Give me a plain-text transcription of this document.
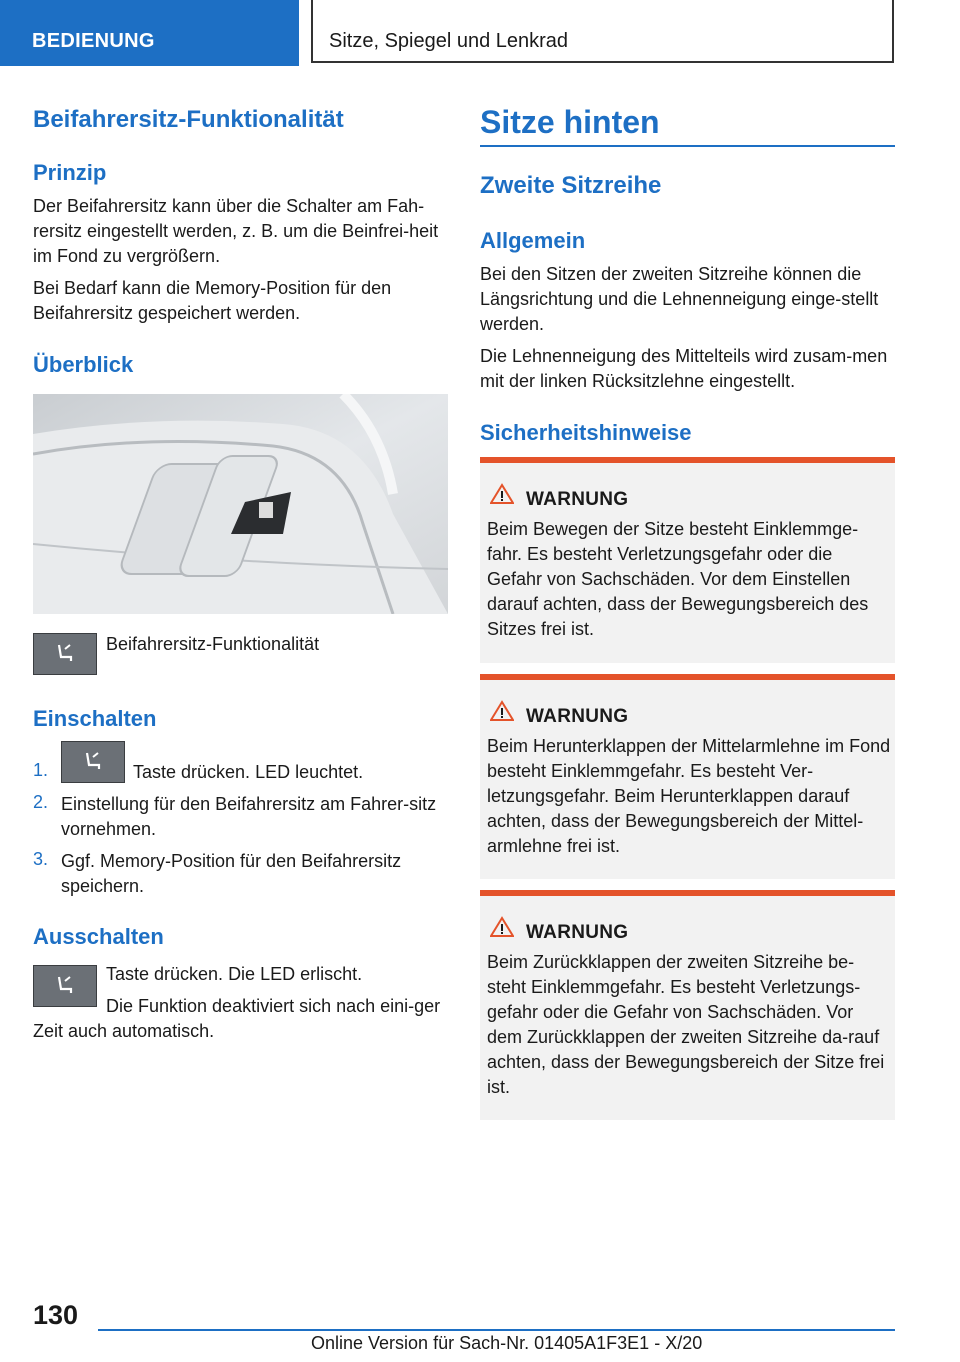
BEDIENUNG	Sitze, Spiegel und Lenkrad
Beifahrersitz-Funktionalität
Prinzip

Der Beifahrersitz kann über die Schalter am Fah-rersitz eingestellt werden, z. B. um die Beinfrei-heit im Fond zu vergrößern.

Bei Bedarf kann die Memory-Position für den Beifahrersitz gespeichert werden.

Überblick

Beifahrersitz-Funktionalität

Einschalten
1.	Taste drücken. LED leuchtet.
2. Einstellung für den Beifahrersitz am Fahrer-sitz vornehmen.
3. Ggf. Memory-Position für den Beifahrersitz speichern.
Ausschalten

Taste drücken. Die LED erlischt.

Die Funktion deaktiviert sich nach eini-ger Zeit auch automatisch.

Sitze hinten
Zweite Sitzreihe
Allgemein

Bei den Sitzen der zweiten Sitzreihe können die Längsrichtung und die Lehnenneigung einge-stellt werden.

Die Lehnenneigung des Mittelteils wird zusam-men mit der linken Rücksitzlehne eingestellt.

Sicherheitshinweise
WARNUNG
Beim Bewegen der Sitze besteht Einklemmge-fahr. Es besteht Verletzungsgefahr oder die Gefahr von Sachschäden. Vor dem Einstellen darauf achten, dass der Bewegungsbereich des Sitzes frei ist.
WARNUNG
Beim Herunterklappen der Mittelarmlehne im Fond besteht Einklemmgefahr. Es besteht Ver-letzungsgefahr. Beim Herunterklappen darauf achten, dass der Bewegungsbereich der Mittel-armlehne frei ist.
WARNUNG
Beim Zurückklappen der zweiten Sitzreihe be-steht Einklemmgefahr. Es besteht Verletzungs-gefahr oder die Gefahr von Sachschäden. Vor dem Zurückklappen der zweiten Sitzreihe da-rauf achten, dass der Bewegungsbereich der Sitze frei ist.
130
Online Version für Sach-Nr. 01405A1F3E1 - X/20
